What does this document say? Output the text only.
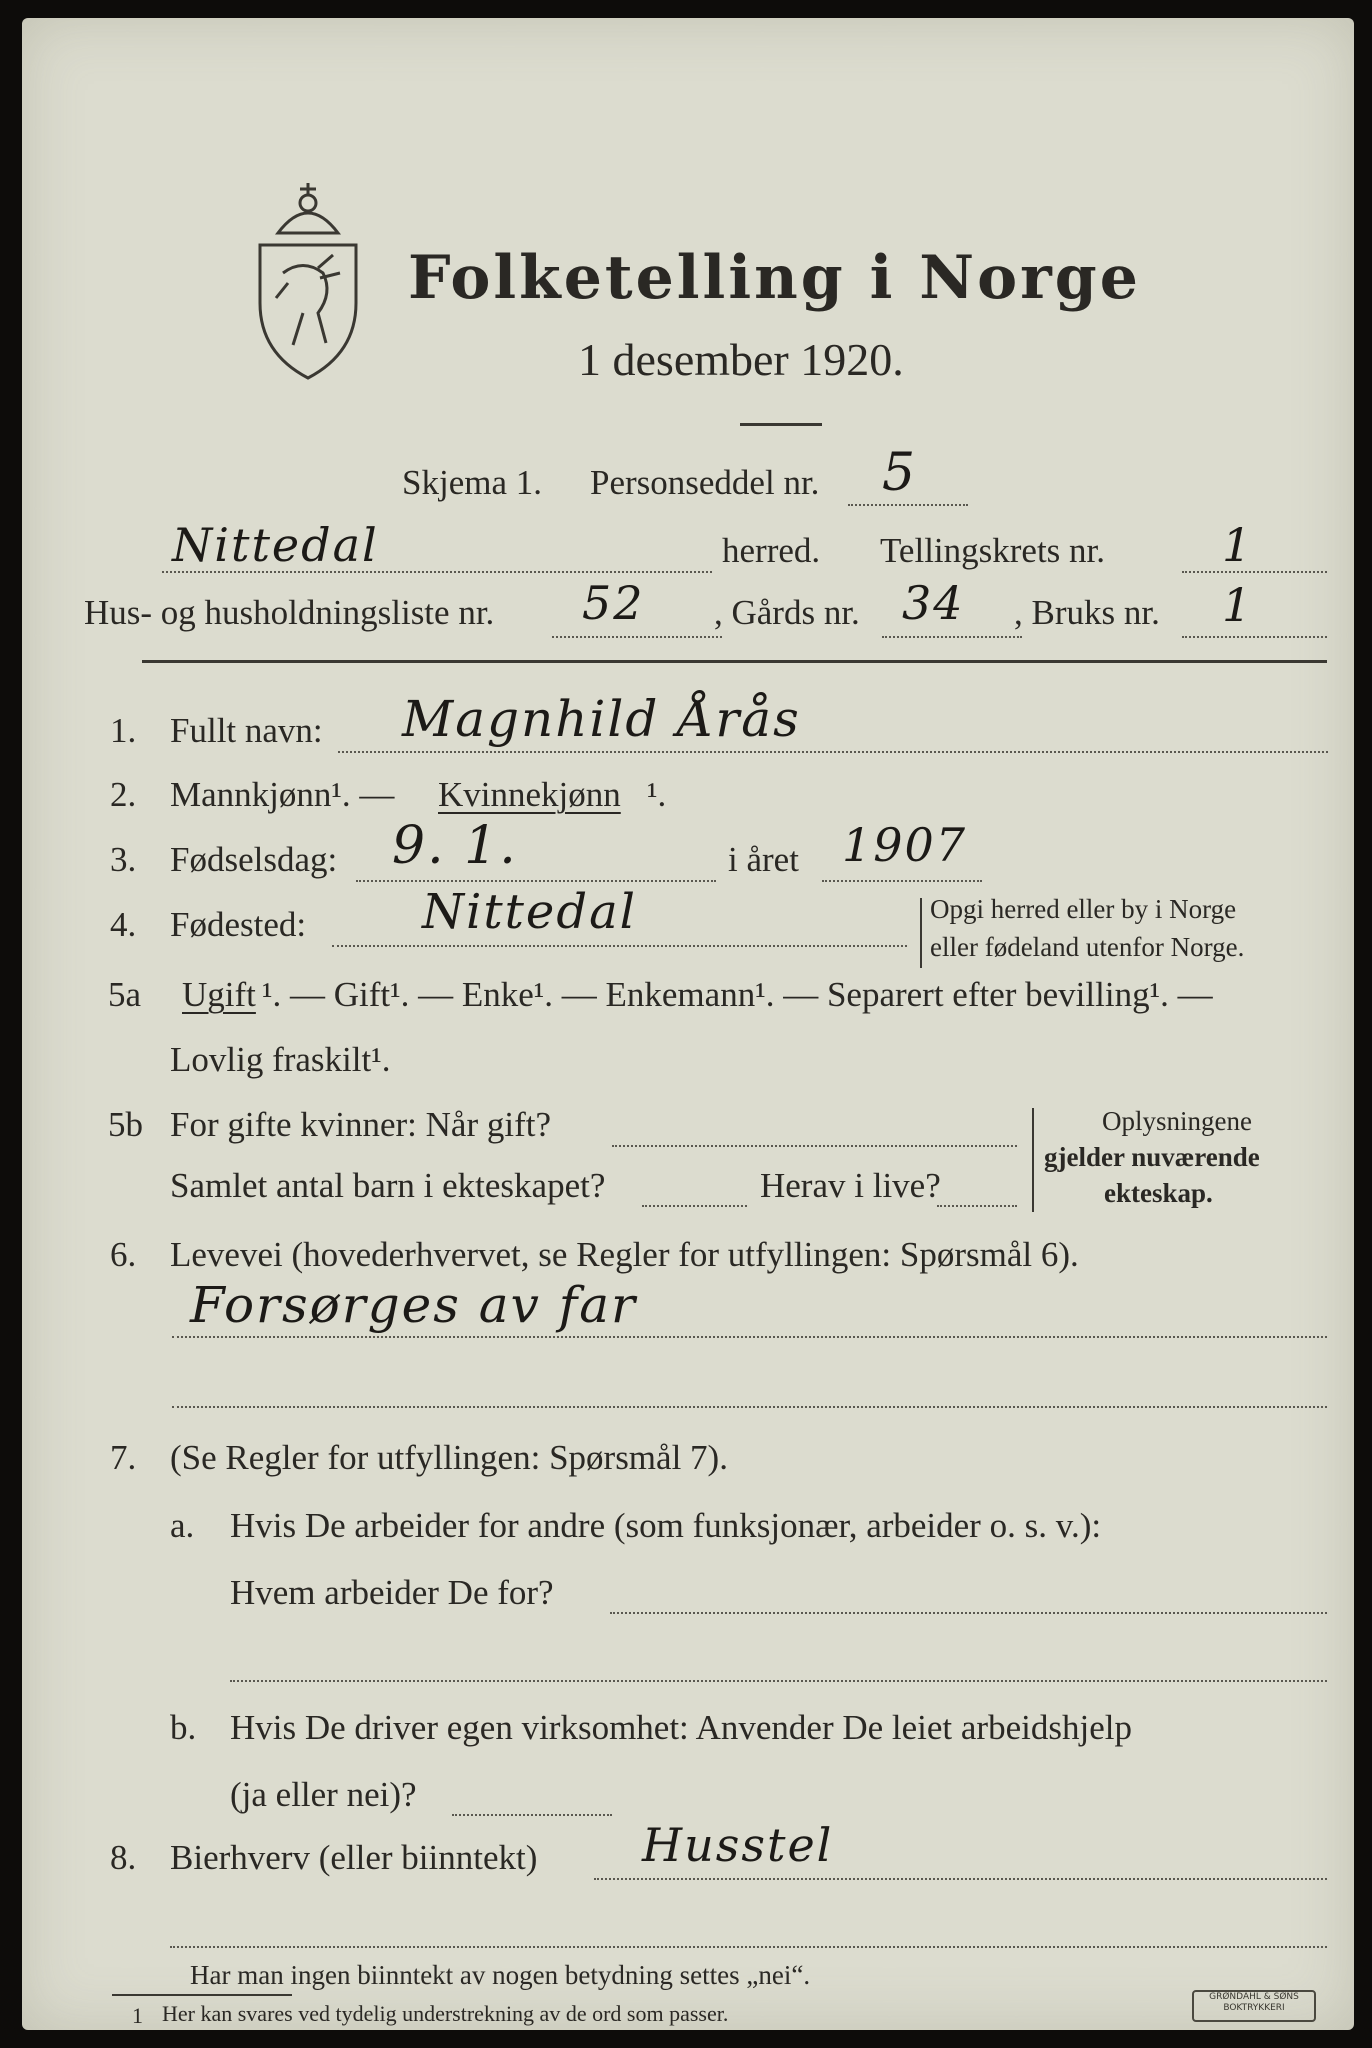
Folketelling i Norge
1 desember 1920.
Skjema 1. Personseddel nr. 5
Nittedal	herred. Tellingskrets nr.	1
Hus- og husholdningsliste nr. 52 , Gårds nr. 34 , Bruks nr. 1
1. Fullt navn: Magnhild Årås
2. Mannkjønn¹. — Kvinnekjønn ¹.
3. Fødselsdag: 9. 1.	i året 1907
4. Fødested: Nittedal	Opgi herred eller by i Norge
eller fødeland utenfor Norge.
5a Ugift ¹. — Gift¹. — Enke¹. — Enkemann¹. — Separert efter bevilling¹. —
Lovlig fraskilt¹.
5b For gifte kvinner: Når gift?
Samlet antal barn i ekteskapet?	Herav i live?
Oplysningene
gjelder nuværende
ekteskap.
6. Levevei (hovederhvervet, se Regler for utfyllingen: Spørsmål 6).
Forsørges av far
7. (Se Regler for utfyllingen: Spørsmål 7).
a. Hvis De arbeider for andre (som funksjonær, arbeider o. s. v.):
Hvem arbeider De for?
b. Hvis De driver egen virksomhet: Anvender De leiet arbeidshjelp
(ja eller nei)?
8. Bierhverv (eller biinntekt) Husstel
Har man ingen biinntekt av nogen betydning settes „nei“.
1 Her kan svares ved tydelig understrekning av de ord som passer.
GRØNDAHL & SØNS
BOKTRYKKERI
